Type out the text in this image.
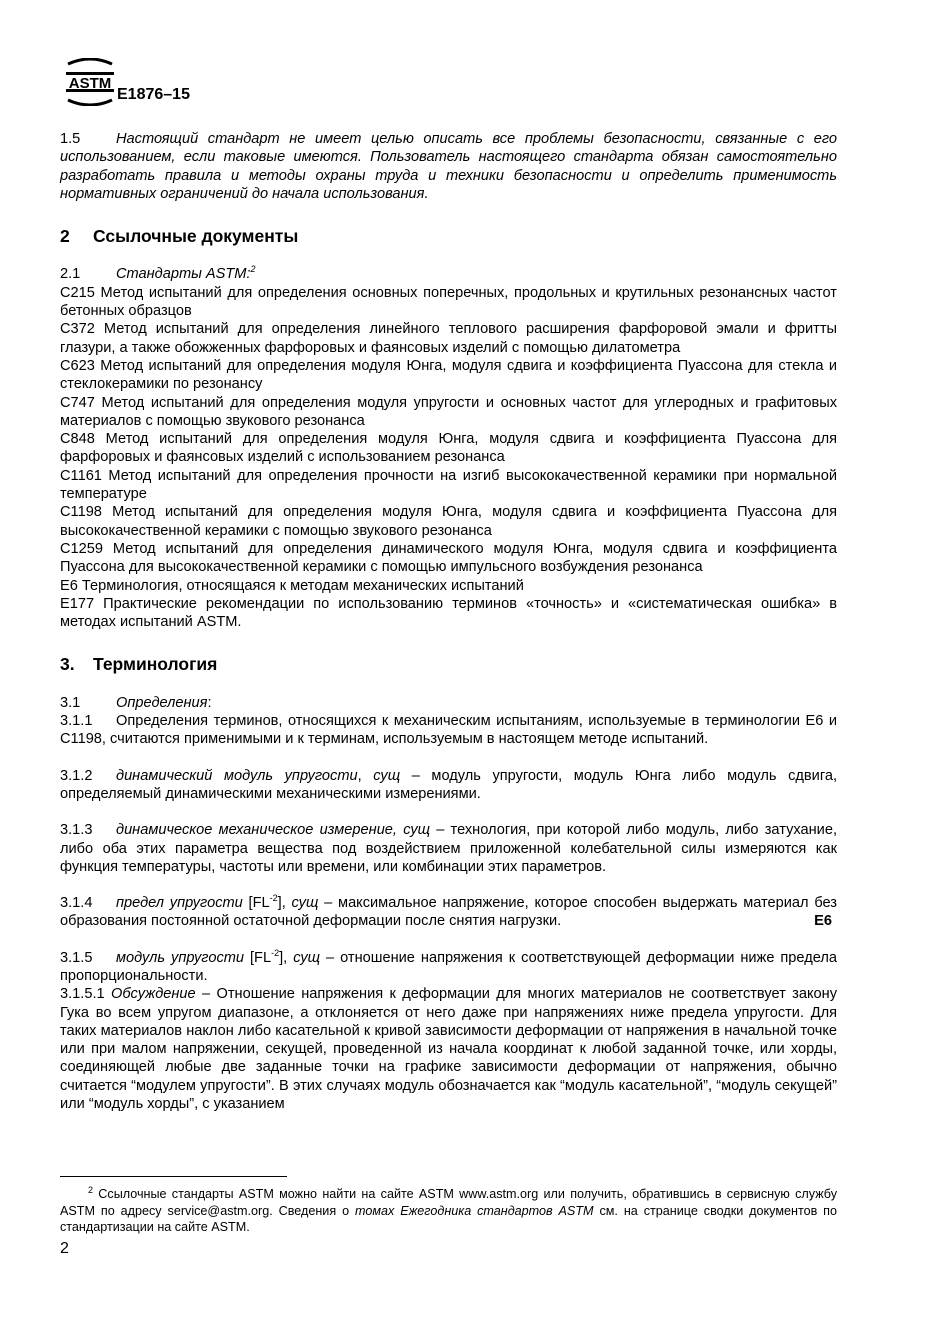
ASTM
E1876–15

1.5 Настоящий стандарт не имеет целью описать все проблемы безопасности, связанные с его использованием, если таковые имеются. Пользователь настоящего стандарта обязан самостоятельно разработать правила и методы охраны труда и техники безопасности и определить применимость нормативных ограничений до начала использования.

2 Ссылочные документы

2.1 Стандарты ASTM:$^2$

C215 Метод испытаний для определения основных поперечных, продольных и крутильных резонансных частот бетонных образцов

C372 Метод испытаний для определения линейного теплового расширения фарфоровой эмали и фритты глазури, а также обожженных фарфоровых и фаянсовых изделий с помощью дилатометра

C623 Метод испытаний для определения модуля Юнга, модуля сдвига и коэффициента Пуассона для стекла и стеклокерамики по резонансу

C747 Метод испытаний для определения модуля упругости и основных частот для углеродных и графитовых материалов с помощью звукового резонанса

C848 Метод испытаний для определения модуля Юнга, модуля сдвига и коэффициента Пуассона для фарфоровых и фаянсовых изделий с использованием резонанса

C1161 Метод испытаний для определения прочности на изгиб высококачественной керамики при нормальной температуре

C1198 Метод испытаний для определения модуля Юнга, модуля сдвига и коэффициента Пуассона для высококачественной керамики с помощью звукового резонанса

C1259 Метод испытаний для определения динамического модуля Юнга, модуля сдвига и коэффициента Пуассона для высококачественной керамики с помощью импульсного возбуждения резонанса

E6 Терминология, относящаяся к методам механических испытаний

E177 Практические рекомендации по использованию терминов «точность» и «систематическая ошибка» в методах испытаний ASTM.

3. Терминология

3.1 Определения:

3.1.1 Определения терминов, относящихся к механическим испытаниям, используемые в терминологии E6 и C1198, считаются применимыми и к терминам, используемым в настоящем методе испытаний.

3.1.2 динамический модуль упругости, сущ – модуль упругости, модуль Юнга либо модуль сдвига, определяемый динамическими механическими измерениями.

3.1.3 динамическое механическое измерение, сущ – технология, при которой либо модуль, либо затухание, либо оба этих параметра вещества под воздействием приложенной колебательной силы измеряются как функция температуры, частоты или времени, или комбинации этих параметров.

3.1.4 предел упругости $[FL^{-2}]$, сущ – максимальное напряжение, которое способен выдержать материал без образования постоянной остаточной деформации после снятия нагрузки.	E6

3.1.5 модуль упругости $[FL^{-2}]$, сущ – отношение напряжения к соответствующей деформации ниже предела пропорциональности.

3.1.5.1 Обсуждение – Отношение напряжения к деформации для многих материалов не соответствует закону Гука во всем упругом диапазоне, а отклоняется от него даже при напряжениях ниже предела упругости. Для таких материалов наклон либо касательной к кривой зависимости деформации от напряжения в начальной точке или при малом напряжении, секущей, проведенной из начала координат к любой заданной точке, или хорды, соединяющей любые две заданные точки на графике зависимости деформации от напряжения, обычно считается “модулем упругости”. В этих случаях модуль обозначается как “модуль касательной”, “модуль секущей” или “модуль хорды”, с указанием

$^2$ Ссылочные стандарты ASTM можно найти на сайте ASTM www.astm.org или получить, обратившись в сервисную службу ASTM по адресу service@astm.org. Сведения о томах Ежегодника стандартов ASTM см. на странице сводки документов по стандартизации на сайте ASTM.
2
